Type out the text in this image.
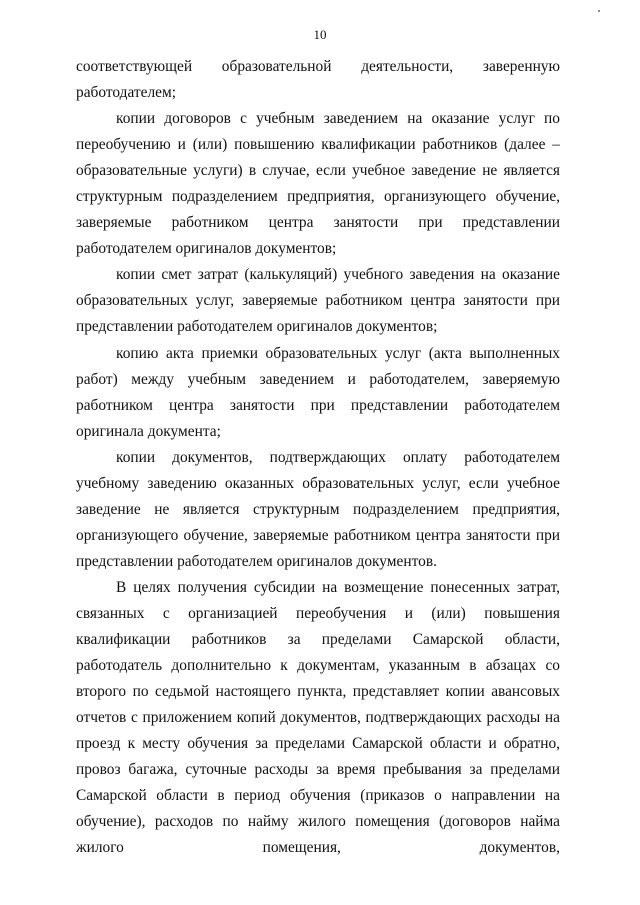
10

соответствующей образовательной деятельности, заверенную работодателем;

копии договоров с учебным заведением на оказание услуг по переобучению и (или) повышению квалификации работников (далее – образовательные услуги) в случае, если учебное заведение не является структурным подразделением предприятия, организующего обучение, заверяемые работником центра занятости при представлении работодателем оригиналов документов;

копии смет затрат (калькуляций) учебного заведения на оказание образовательных услуг, заверяемые работником центра занятости при представлении работодателем оригиналов документов;

копию акта приемки образовательных услуг (акта выполненных работ) между учебным заведением и работодателем, заверяемую работником центра занятости при представлении работодателем оригинала документа;

копии документов, подтверждающих оплату работодателем учебному заведению оказанных образовательных услуг, если учебное заведение не является структурным подразделением предприятия, организующего обучение, заверяемые работником центра занятости при представлении работодателем оригиналов документов.

В целях получения субсидии на возмещение понесенных затрат, связанных с организацией переобучения и (или) повышения квалификации работников за пределами Самарской области, работодатель дополнительно к документам, указанным в абзацах со второго по седьмой настоящего пункта, представляет копии авансовых отчетов с приложением копий документов, подтверждающих расходы на проезд к месту обучения за пределами Самарской области и обратно, провоз багажа, суточные расходы за время пребывания за пределами Самарской области в период обучения (приказов о направлении на обучение), расходов по найму жилого помещения (договоров найма жилого помещения, документов,
